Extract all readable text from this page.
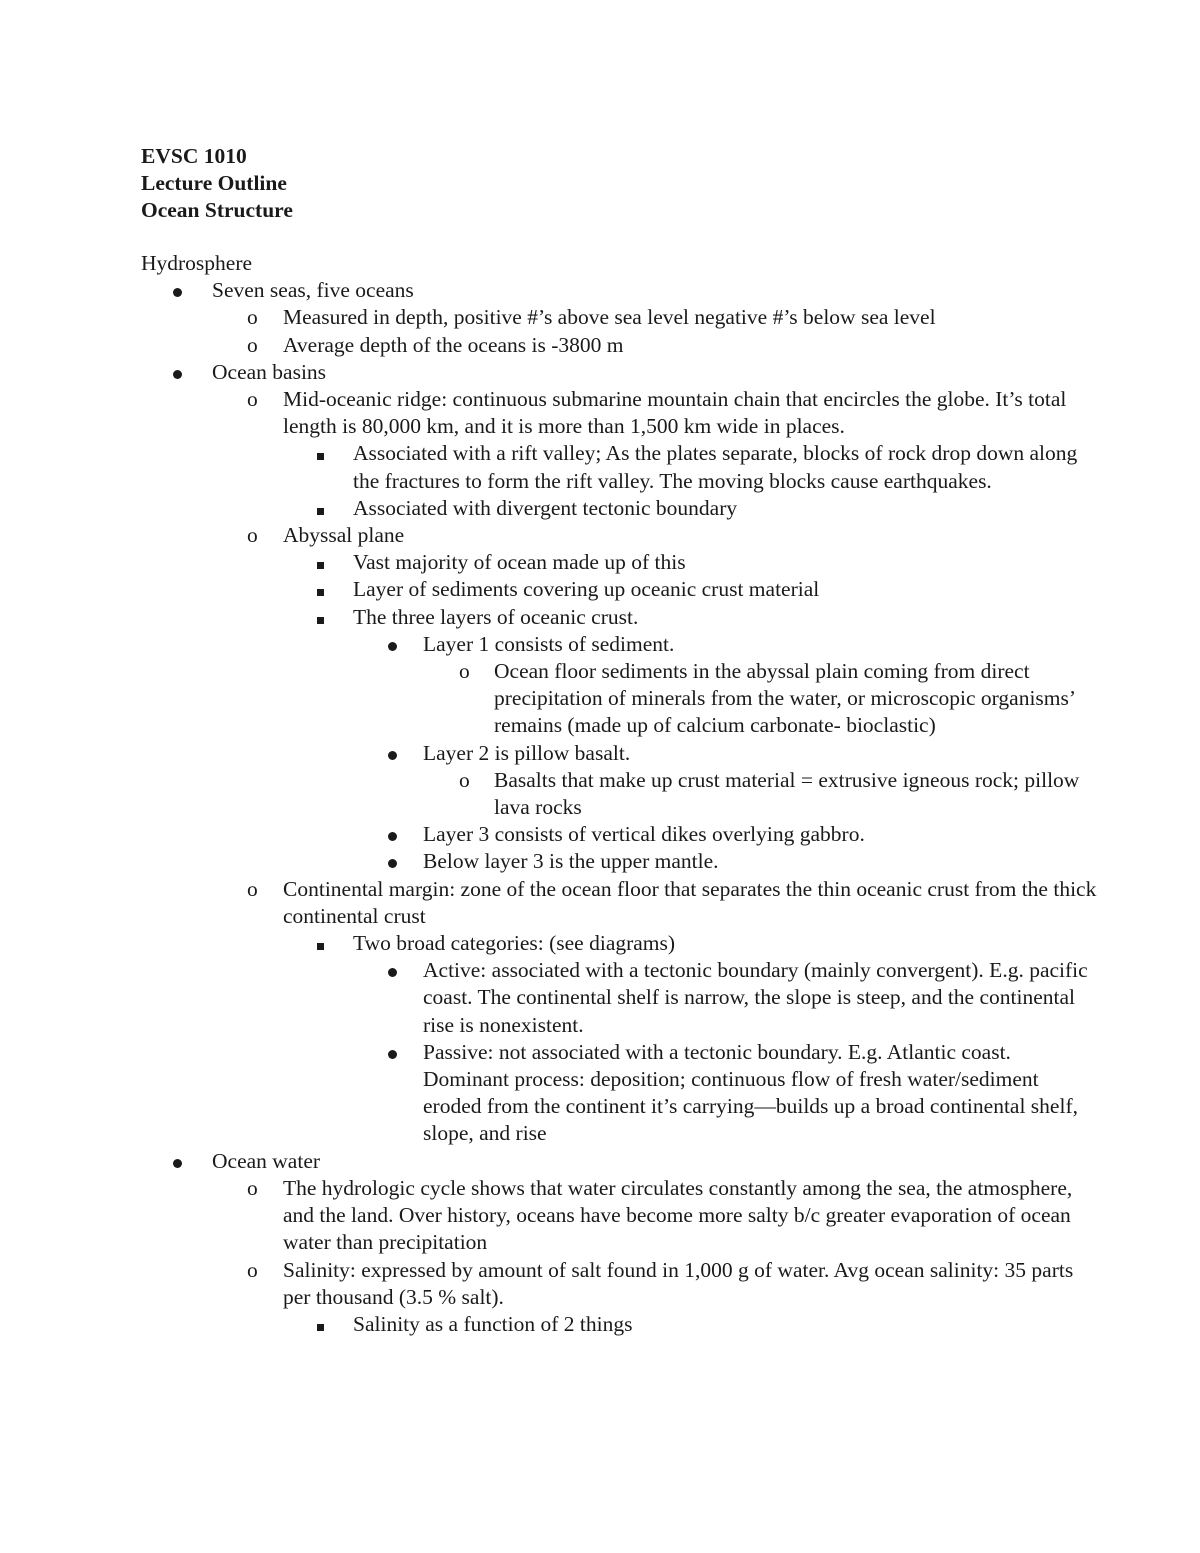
EVSC 1010
Lecture Outline
Ocean Structure
Hydrosphere
Seven seas, five oceans
o Measured in depth, positive #’s above sea level negative #’s below sea level
o Average depth of the oceans is -3800 m
Ocean basins
o Mid-oceanic ridge: continuous submarine mountain chain that encircles the globe. It’s total length is 80,000 km, and it is more than 1,500 km wide in places.
Associated with a rift valley; As the plates separate, blocks of rock drop down along the fractures to form the rift valley. The moving blocks cause earthquakes.
Associated with divergent tectonic boundary
o Abyssal plane
Vast majority of ocean made up of this
Layer of sediments covering up oceanic crust material
The three layers of oceanic crust.
Layer 1 consists of sediment.
o Ocean floor sediments in the abyssal plain coming from direct precipitation of minerals from the water, or microscopic organisms’ remains (made up of calcium carbonate- bioclastic)
Layer 2 is pillow basalt.
o Basalts that make up crust material = extrusive igneous rock; pillow lava rocks
Layer 3 consists of vertical dikes overlying gabbro.
Below layer 3 is the upper mantle.
o Continental margin: zone of the ocean floor that separates the thin oceanic crust from the thick continental crust
Two broad categories: (see diagrams)
Active: associated with a tectonic boundary (mainly convergent). E.g. pacific coast. The continental shelf is narrow, the slope is steep, and the continental rise is nonexistent.
Passive: not associated with a tectonic boundary. E.g. Atlantic coast. Dominant process: deposition; continuous flow of fresh water/sediment eroded from the continent it’s carrying—builds up a broad continental shelf, slope, and rise
Ocean water
o The hydrologic cycle shows that water circulates constantly among the sea, the atmosphere, and the land. Over history, oceans have become more salty b/c greater evaporation of ocean water than precipitation
o Salinity: expressed by amount of salt found in 1,000 g of water. Avg ocean salinity: 35 parts per thousand (3.5 % salt).
Salinity as a function of 2 things
